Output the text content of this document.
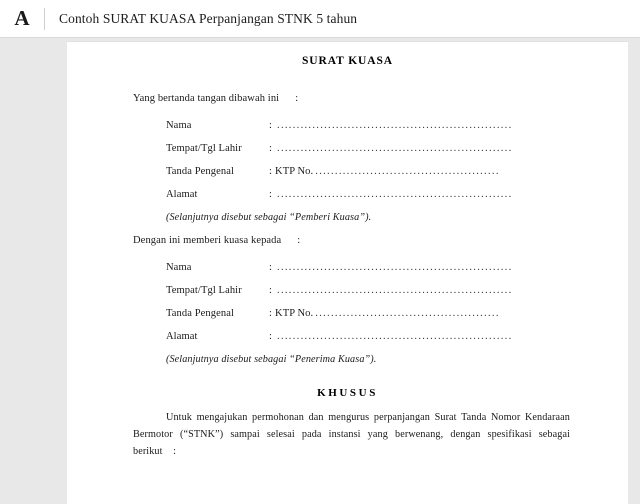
A	Contoh SURAT KUASA Perpanjangan STNK 5 tahun
SURAT KUASA
Yang bertanda tangan dibawah ini :
Nama	: ............................................................
Tempat/Tgl Lahir	: ............................................................
Tanda Pengenal	: KTP No. ...............................................
Alamat	: ............................................................
(Selanjutnya disebut sebagai “Pemberi Kuasa”).
Dengan ini memberi kuasa kepada :
Nama	: ............................................................
Tempat/Tgl Lahir	: ............................................................
Tanda Pengenal	: KTP No. ...............................................
Alamat	: ............................................................
(Selanjutnya disebut sebagai “Penerima Kuasa”).
KHUSUS
Untuk mengajukan permohonan dan mengurus perpanjangan Surat Tanda Nomor Kendaraan Bermotor (“STNK”) sampai selesai pada instansi yang berwenang, dengan spesifikasi sebagai berikut :
